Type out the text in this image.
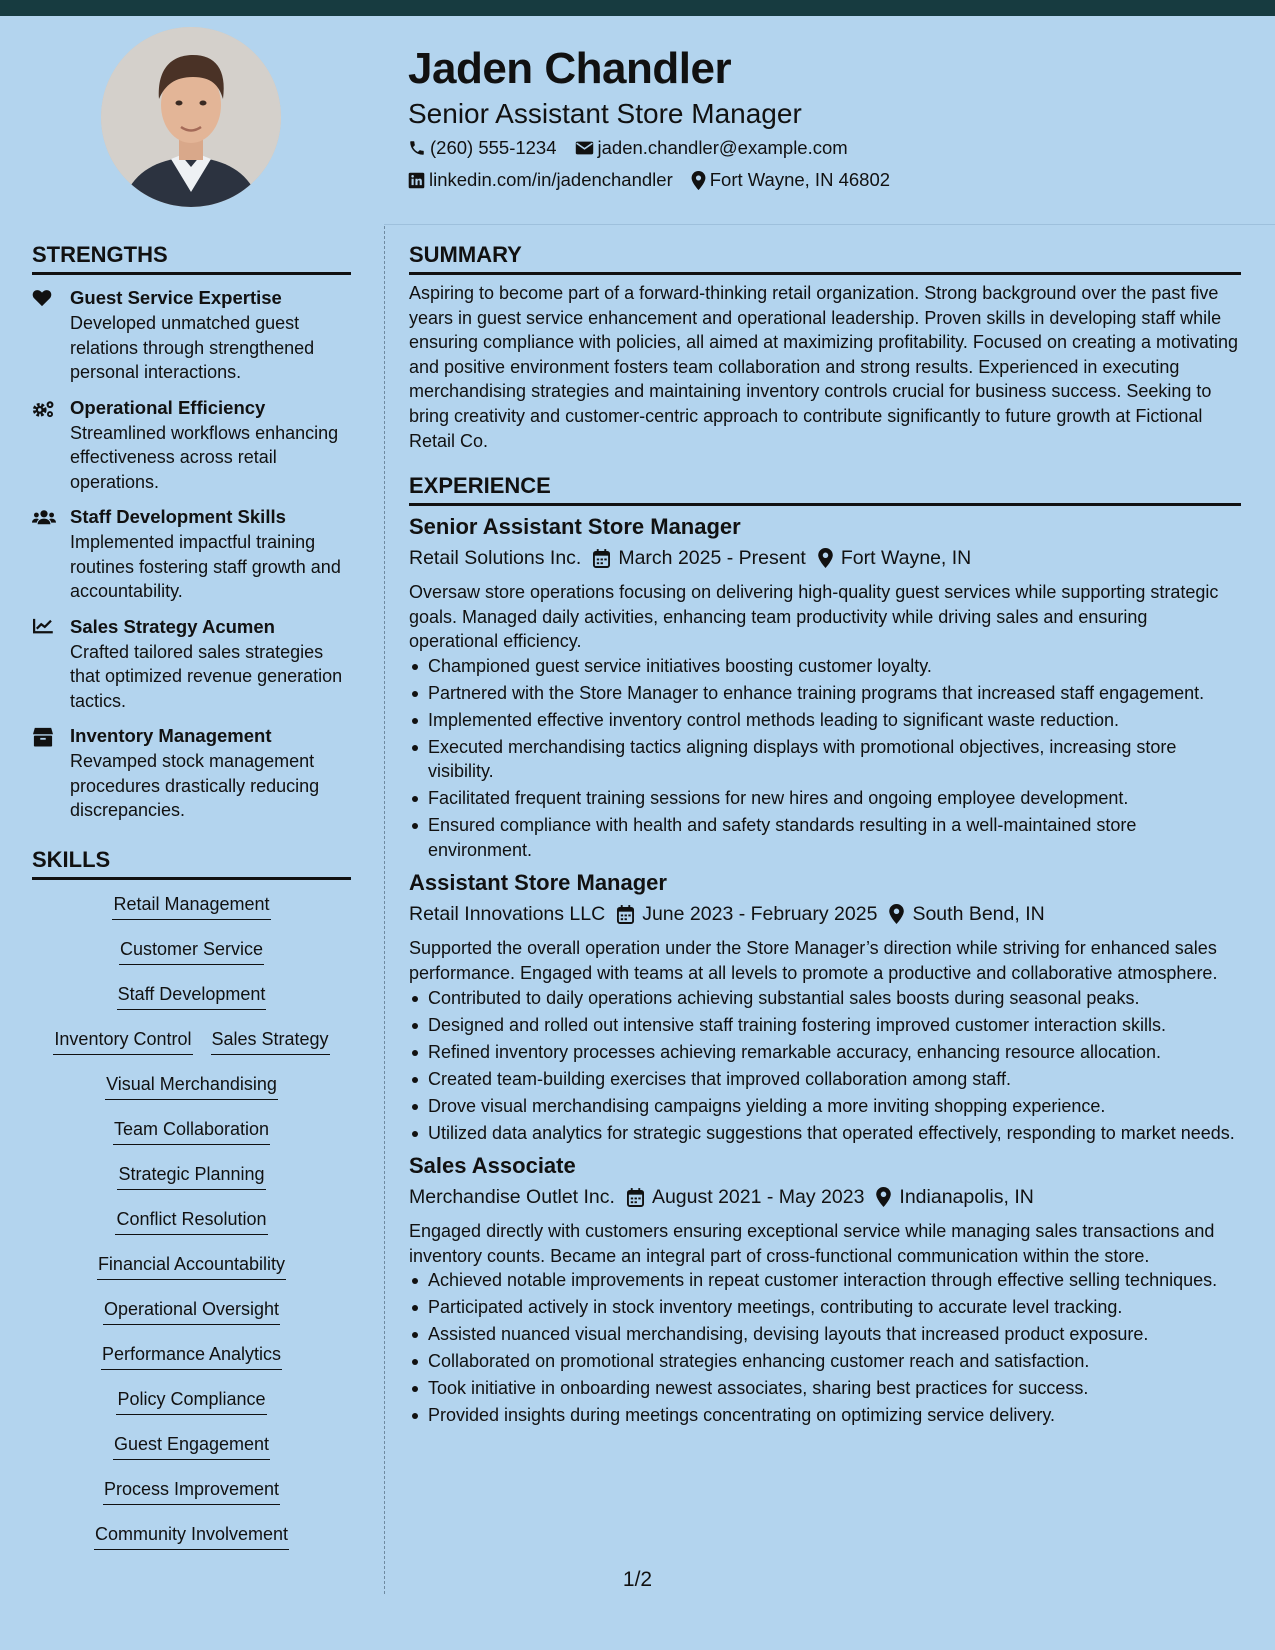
Jaden Chandler
Senior Assistant Store Manager
(260) 555-1234 jaden.chandler@example.com
linkedin.com/in/jadenchandler Fort Wayne, IN 46802
STRENGTHS
Guest Service Expertise
Developed unmatched guest relations through strengthened personal interactions.
Operational Efficiency
Streamlined workflows enhancing effectiveness across retail operations.
Staff Development Skills
Implemented impactful training routines fostering staff growth and accountability.
Sales Strategy Acumen
Crafted tailored sales strategies that optimized revenue generation tactics.
Inventory Management
Revamped stock management procedures drastically reducing discrepancies.
SKILLS
Retail Management
Customer Service
Staff Development
Inventory Control Sales Strategy
Visual Merchandising
Team Collaboration
Strategic Planning
Conflict Resolution
Financial Accountability
Operational Oversight
Performance Analytics
Policy Compliance
Guest Engagement
Process Improvement
Community Involvement
SUMMARY
Aspiring to become part of a forward-thinking retail organization. Strong background over the past five years in guest service enhancement and operational leadership. Proven skills in developing staff while ensuring compliance with policies, all aimed at maximizing profitability. Focused on creating a motivating and positive environment fosters team collaboration and strong results. Experienced in executing merchandising strategies and maintaining inventory controls crucial for business success. Seeking to bring creativity and customer-centric approach to contribute significantly to future growth at Fictional Retail Co.
EXPERIENCE
Senior Assistant Store Manager
Retail Solutions Inc. March 2025 - Present Fort Wayne, IN
Oversaw store operations focusing on delivering high-quality guest services while supporting strategic goals. Managed daily activities, enhancing team productivity while driving sales and ensuring operational efficiency.
Championed guest service initiatives boosting customer loyalty.
Partnered with the Store Manager to enhance training programs that increased staff engagement.
Implemented effective inventory control methods leading to significant waste reduction.
Executed merchandising tactics aligning displays with promotional objectives, increasing store visibility.
Facilitated frequent training sessions for new hires and ongoing employee development.
Ensured compliance with health and safety standards resulting in a well-maintained store environment.
Assistant Store Manager
Retail Innovations LLC June 2023 - February 2025 South Bend, IN
Supported the overall operation under the Store Manager’s direction while striving for enhanced sales performance. Engaged with teams at all levels to promote a productive and collaborative atmosphere.
Contributed to daily operations achieving substantial sales boosts during seasonal peaks.
Designed and rolled out intensive staff training fostering improved customer interaction skills.
Refined inventory processes achieving remarkable accuracy, enhancing resource allocation.
Created team-building exercises that improved collaboration among staff.
Drove visual merchandising campaigns yielding a more inviting shopping experience.
Utilized data analytics for strategic suggestions that operated effectively, responding to market needs.
Sales Associate
Merchandise Outlet Inc. August 2021 - May 2023 Indianapolis, IN
Engaged directly with customers ensuring exceptional service while managing sales transactions and inventory counts. Became an integral part of cross-functional communication within the store.
Achieved notable improvements in repeat customer interaction through effective selling techniques.
Participated actively in stock inventory meetings, contributing to accurate level tracking.
Assisted nuanced visual merchandising, devising layouts that increased product exposure.
Collaborated on promotional strategies enhancing customer reach and satisfaction.
Took initiative in onboarding newest associates, sharing best practices for success.
Provided insights during meetings concentrating on optimizing service delivery.
1/2
